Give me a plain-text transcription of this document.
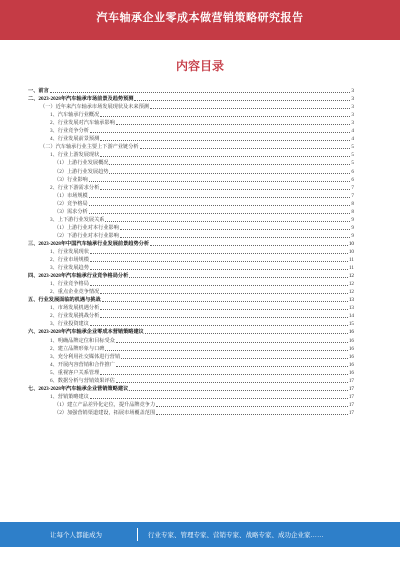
汽车轴承企业零成本做营销策略研究报告
内容目录
一、前言	3
二、2023-2028年汽车轴承市场前景及趋势预测	3
（一）近年来汽车轴承市场发展现状及未来预测	3
1、汽车轴承行业概况	3
2、行业发展对汽车轴承影响	3
3、行业竞争分析	4
4、行业发展前景预测	4
（二）汽车轴承行业主要上下游产业链分析	5
1、行业上游发展现状	5
（1）上游行业发展概况	5
（2）上游行业发展趋势	6
（3）行业影响	6
2、行业下游需求分析	7
（1）市场规模	7
（2）竞争格局	8
（3）需求分析	8
3、上下游行业发展关系	9
（1）上游行业对本行业影响	9
（2）下游行业对本行业影响	9
三、2023-2028年中国汽车轴承行业发展前景趋势分析	10
1、行业发展现状	10
2、行业市场规模	11
3、行业发展趋势	11
四、2023-2028年汽车轴承行业竞争格局分析	12
1、行业竞争格局	12
2、重点企业竞争情况	12
五、行业发展面临的机遇与挑战	13
1、市场发展机遇分析	13
2、行业发展挑战分析	14
3、行业投资建议	15
六、2023-2028年汽车轴承企业零成本营销策略建议	16
1、明确品牌定位和目标受众	16
2、建立品牌形象与口碑	16
3、充分利用社交媒体进行营销	16
4、开展内容营销和合作推广	16
5、重视客户关系管理	16
6、数据分析与营销效果评估	17
七、2023-2028年汽车轴承企业营销策略建议	17
1、营销策略建议	17
（1）建立产品差异化定位，提升品牌竞争力	17
（2）加强营销渠道建设，拓展市场覆盖范围	17
让每个人都能成为	行业专家、管理专家、营销专家、战略专家、成功企业家……
